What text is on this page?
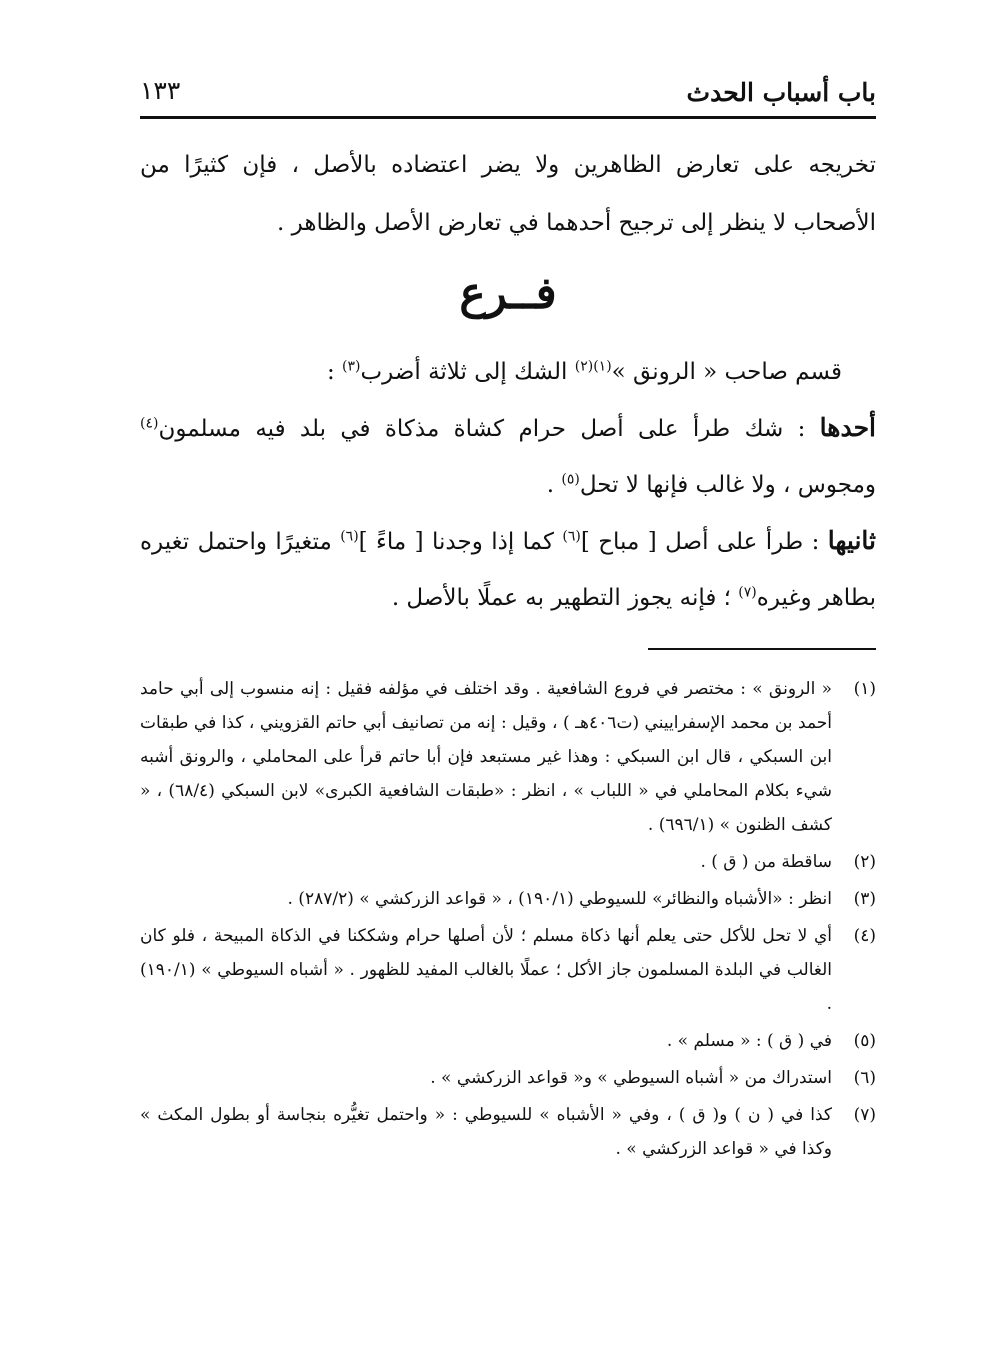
باب أسباب الحدث
١٣٣

تخريجه على تعارض الظاهرين ولا يضر اعتضاده بالأصل ، فإن كثيرًا من الأصحاب لا ينظر إلى ترجيح أحدهما في تعارض الأصل والظاهر .

فــرع

قسم صاحب « الرونق »$^{(١)(٢)}$ الشك إلى ثلاثة أضرب$^{(٣)}$ :

أحدها : شك طرأ على أصل حرام كشاة مذكاة في بلد فيه مسلمون$^{(٤)}$ ومجوس ، ولا غالب فإنها لا تحل$^{(٥)}$ .

ثانيها : طرأ على أصل [ مباح ]$^{(٦)}$ كما إذا وجدنا [ ماءً ]$^{(٦)}$ متغيرًا واحتمل تغيره بطاهر وغيره$^{(٧)}$ ؛ فإنه يجوز التطهير به عملًا بالأصل .

(١)
« الرونق » : مختصر في فروع الشافعية . وقد اختلف في مؤلفه فقيل : إنه منسوب إلى أبي حامد أحمد بن محمد الإسفراييني (ت٤٠٦هـ ) ، وقيل : إنه من تصانيف أبي حاتم القزويني ، كذا في طبقات ابن السبكي ، قال ابن السبكي : وهذا غير مستبعد فإن أبا حاتم قرأ على المحاملي ، والرونق أشبه شيء بكلام المحاملي في « اللباب » ، انظر : «طبقات الشافعية الكبرى» لابن السبكي (٦٨/٤) ، « كشف الظنون » (٦٩٦/١) .
(٢)
ساقطة من ( ق ) .
(٣)
انظر : «الأشباه والنظائر» للسيوطي (١٩٠/١) ، « قواعد الزركشي » (٢٨٧/٢) .
(٤)
أي لا تحل للأكل حتى يعلم أنها ذكاة مسلم ؛ لأن أصلها حرام وشككنا في الذكاة المبيحة ، فلو كان الغالب في البلدة المسلمون جاز الأكل ؛ عملًا بالغالب المفيد للظهور . « أشباه السيوطي » (١٩٠/١) .
(٥)
في ( ق ) : « مسلم » .
(٦)
استدراك من « أشباه السيوطي » و« قواعد الزركشي » .
(٧)
كذا في ( ن ) و( ق ) ، وفي « الأشباه » للسيوطي : « واحتمل تغيُّره بنجاسة أو بطول المكث » وكذا في « قواعد الزركشي » .
